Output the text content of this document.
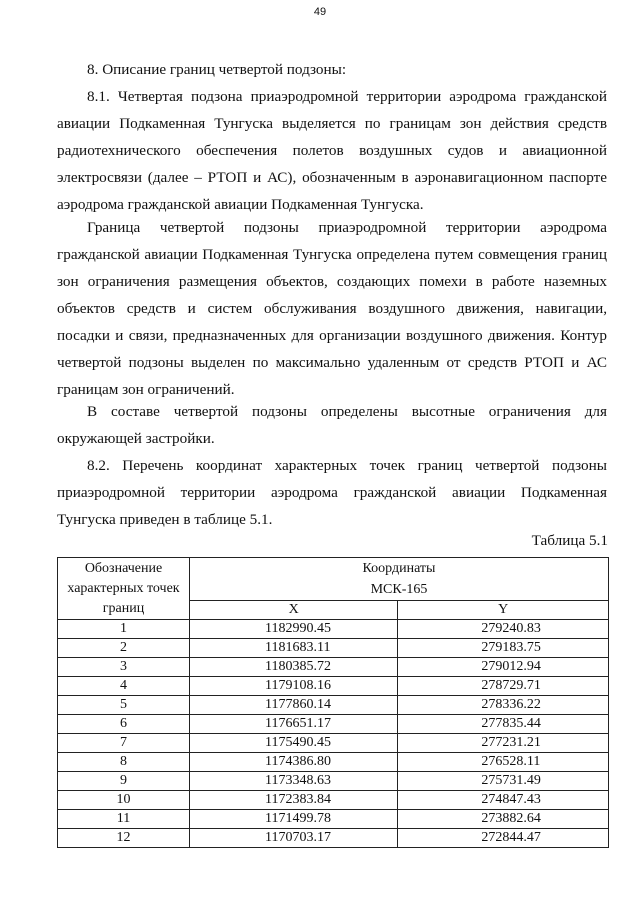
49
8. Описание границ четвертой подзоны:
8.1. Четвертая подзона приаэродромной территории аэродрома гражданской авиации Подкаменная Тунгуска выделяется по границам зон действия средств радиотехнического обеспечения полетов воздушных судов и авиационной электросвязи (далее – РТОП и АС), обозначенным в аэронавигационном паспорте аэродрома гражданской авиации Подкаменная Тунгуска.
Граница четвертой подзоны приаэродромной территории аэродрома гражданской авиации Подкаменная Тунгуска определена путем совмещения границ зон ограничения размещения объектов, создающих помехи в работе наземных объектов средств и систем обслуживания воздушного движения, навигации, посадки и связи, предназначенных для организации воздушного движения. Контур четвертой подзоны выделен по максимально удаленным от средств РТОП и АС границам зон ограничений.
В составе четвертой подзоны определены высотные ограничения для окружающей застройки.
8.2. Перечень координат характерных точек границ четвертой подзоны приаэродромной территории аэродрома гражданской авиации Подкаменная Тунгуска приведен в таблице 5.1.
Таблица 5.1
Обозначение характерных точек границ	Координаты
МСК-165	

	X	Y
1	1182990.45	279240.83
2	1181683.11	279183.75
3	1180385.72	279012.94
4	1179108.16	278729.71
5	1177860.14	278336.22
6	1176651.17	277835.44
7	1175490.45	277231.21
8	1174386.80	276528.11
9	1173348.63	275731.49
10	1172383.84	274847.43
11	1171499.78	273882.64
12	1170703.17	272844.47
